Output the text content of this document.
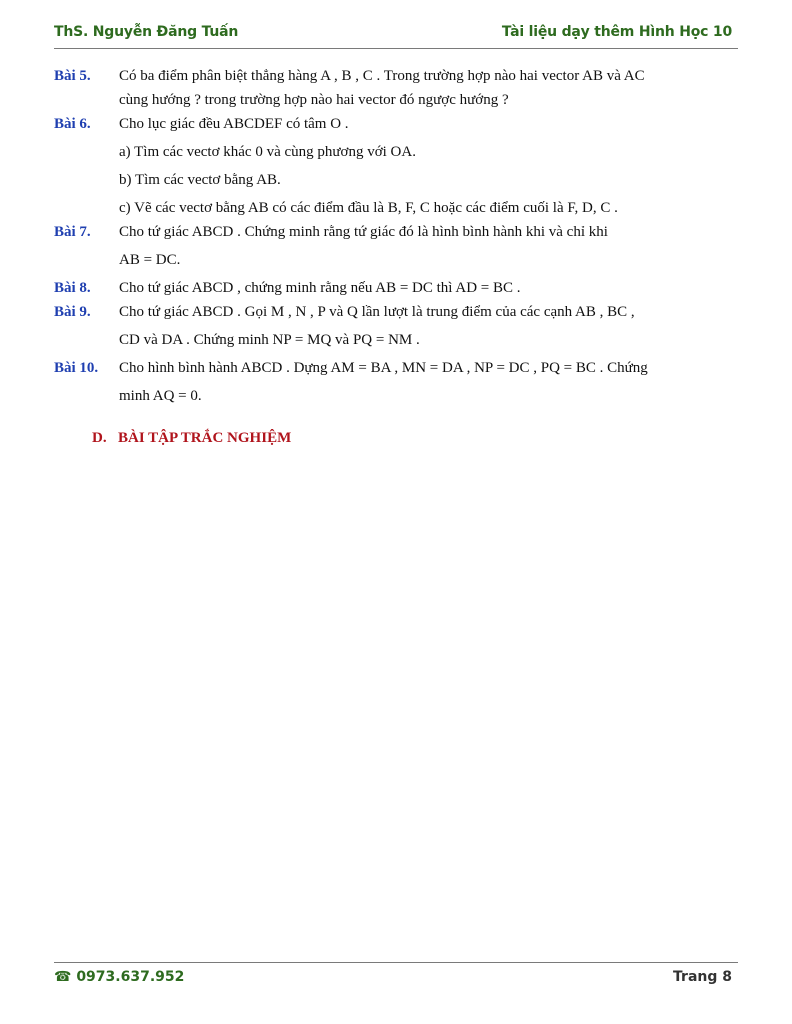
ThS. Nguyễn Đăng Tuấn	Tài liệu dạy thêm Hình Học 10
Bài 5. Có ba điểm phân biệt thẳng hàng A , B , C . Trong trường hợp nào hai vector AB và AC
cùng hướng ? trong trường hợp nào hai vector đó ngược hướng ?
Bài 6. Cho lục giác đều ABCDEF có tâm O .
a) Tìm các vectơ khác 0 và cùng phương với OA.
b) Tìm các vectơ bằng AB.
c) Vẽ các vectơ bằng AB có các điểm đầu là B, F, C hoặc các điểm cuối là F, D, C .
Bài 7. Cho tứ giác ABCD . Chứng minh rằng tứ giác đó là hình bình hành khi và chỉ khi
AB = DC.
Bài 8. Cho tứ giác ABCD , chứng minh rằng nếu AB = DC thì AD = BC .
Bài 9. Cho tứ giác ABCD . Gọi M , N , P và Q lần lượt là trung điểm của các cạnh AB , BC ,
CD và DA . Chứng minh NP = MQ và PQ = NM .
Bài 10. Cho hình bình hành ABCD . Dựng AM = BA , MN = DA , NP = DC , PQ = BC . Chứng
minh AQ = 0.
D. BÀI TẬP TRẮC NGHIỆM
☎ 0973.637.952	Trang 8
